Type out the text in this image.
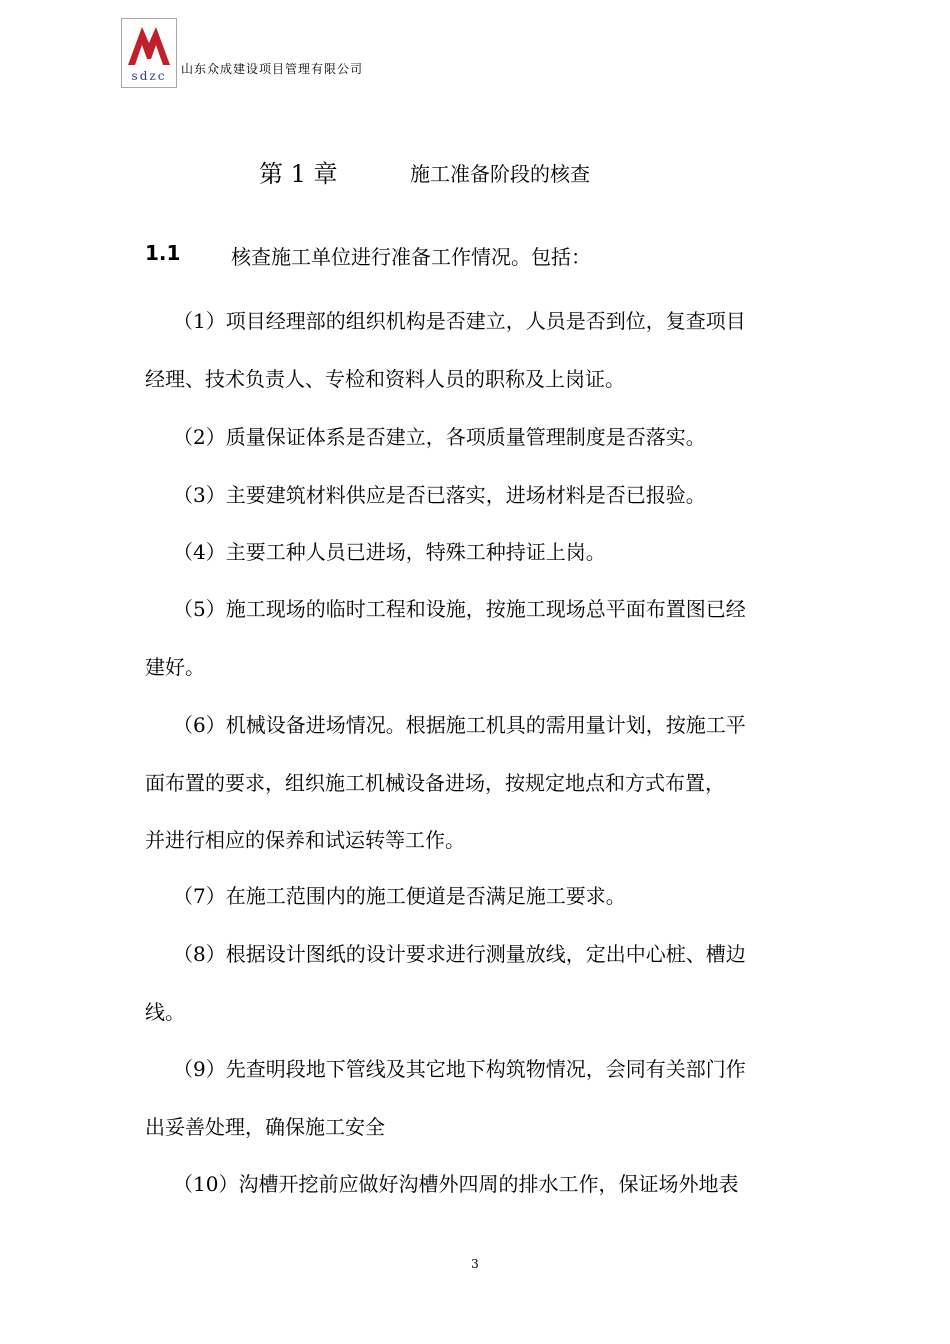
sdzc 山东众成建设项目管理有限公司
第 1 章	施工准备阶段的核查
1.1	核查施工单位进行准备工作情况。包括：
（1）项目经理部的组织机构是否建立，人员是否到位，复查项目
经理、技术负责人、专检和资料人员的职称及上岗证。
（2）质量保证体系是否建立，各项质量管理制度是否落实。
（3）主要建筑材料供应是否已落实，进场材料是否已报验。
（4）主要工种人员已进场，特殊工种持证上岗。
（5）施工现场的临时工程和设施，按施工现场总平面布置图已经
建好。
（6）机械设备进场情况。根据施工机具的需用量计划，按施工平
面布置的要求，组织施工机械设备进场，按规定地点和方式布置，
并进行相应的保养和试运转等工作。
（7）在施工范围内的施工便道是否满足施工要求。
（8）根据设计图纸的设计要求进行测量放线，定出中心桩、槽边
线。
（9）先查明段地下管线及其它地下构筑物情况，会同有关部门作
出妥善处理，确保施工安全
（10）沟槽开挖前应做好沟槽外四周的排水工作，保证场外地表
3
